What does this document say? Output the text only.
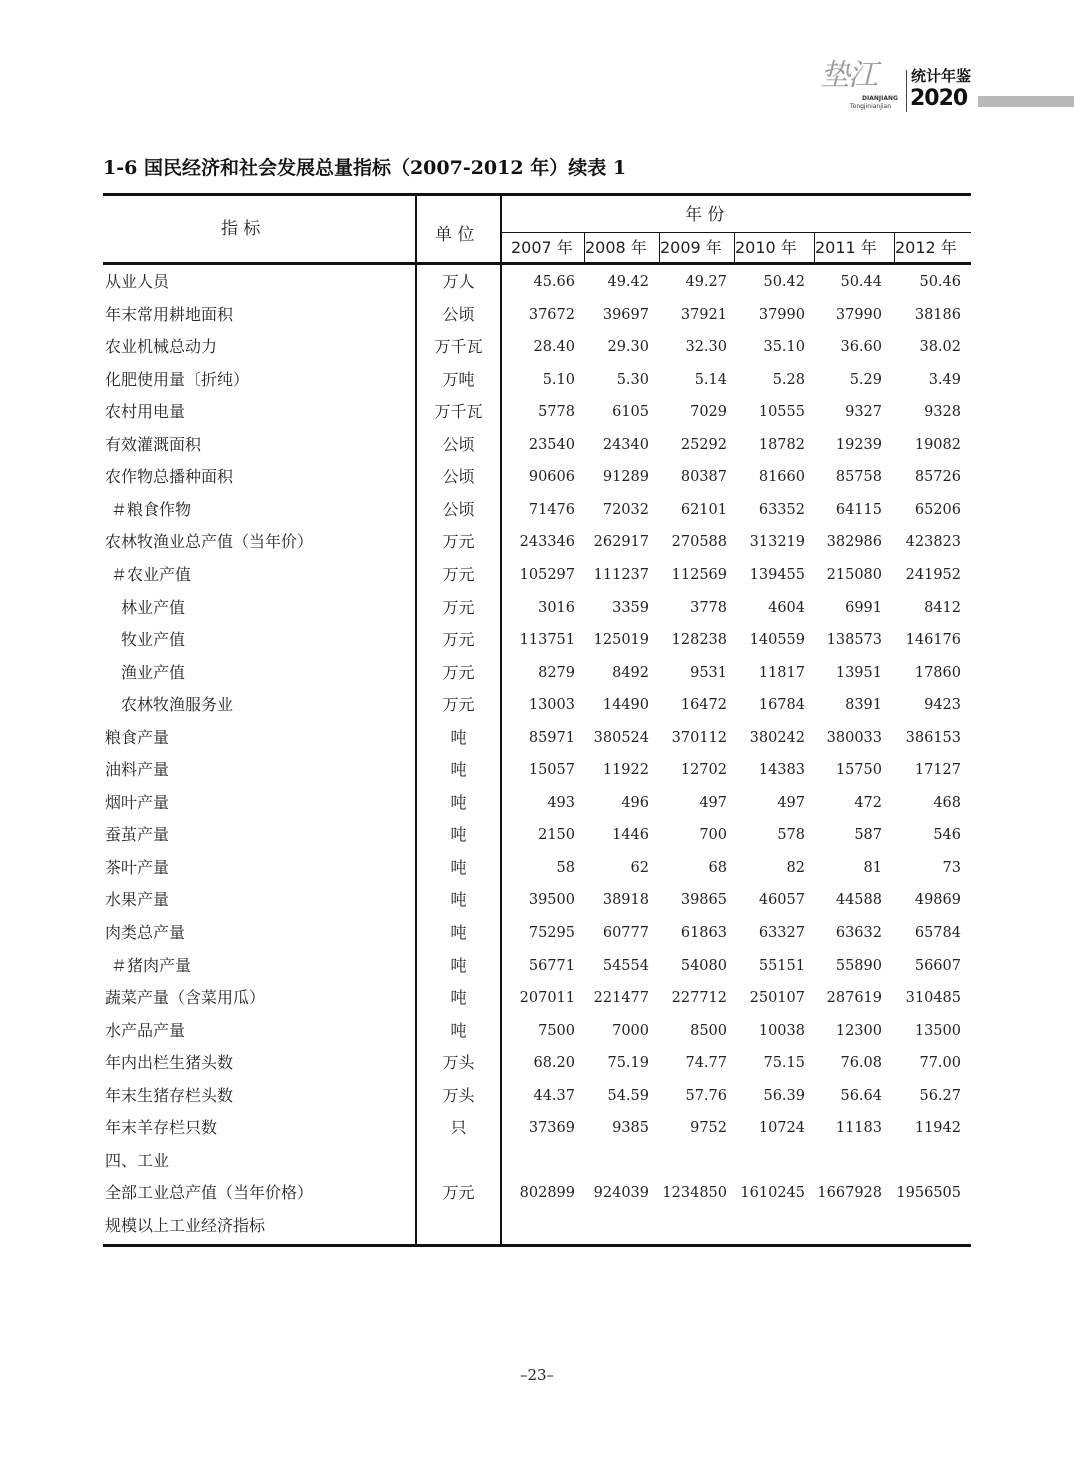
垫江
DIANJIANG
Tongjinianjian
统计年鉴
2020
1-6 国民经济和社会发展总量指标（2007-2012 年）续表 1
指 标	单 位
年 份
2007 年 2008 年 2009 年 2010 年 2011 年 2012 年
从业人员	万人	45.66	49.42	49.27	50.42	50.44	50.46
年末常用耕地面积	公顷	37672	39697	37921	37990	37990	38186
农业机械总动力	万千瓦	28.40	29.30	32.30	35.10	36.60	38.02
化肥使用量〔折纯）	万吨	5.10	5.30	5.14	5.28	5.29	3.49
农村用电量	万千瓦	5778	6105	7029	10555	9327	9328
有效灌溉面积	公顷	23540	24340	25292	18782	19239	19082
农作物总播种面积	公顷	90606	91289	80387	81660	85758	85726
＃粮食作物	公顷	71476	72032	62101	63352	64115	65206
农林牧渔业总产值（当年价）	万元	243346	262917	270588	313219	382986	423823
＃农业产值	万元	105297	111237	112569	139455	215080	241952
林业产值	万元	3016	3359	3778	4604	6991	8412
牧业产值	万元	113751	125019	128238	140559	138573	146176
渔业产值	万元	8279	8492	9531	11817	13951	17860
农林牧渔服务业	万元	13003	14490	16472	16784	8391	9423
粮食产量	吨	85971	380524	370112	380242	380033	386153
油料产量	吨	15057	11922	12702	14383	15750	17127
烟叶产量	吨	493	496	497	497	472	468
蚕茧产量	吨	2150	1446	700	578	587	546
茶叶产量	吨	58	62	68	82	81	73
水果产量	吨	39500	38918	39865	46057	44588	49869
肉类总产量	吨	75295	60777	61863	63327	63632	65784
＃猪肉产量	吨	56771	54554	54080	55151	55890	56607
蔬菜产量（含菜用瓜）	吨	207011	221477	227712	250107	287619	310485
水产品产量	吨	7500	7000	8500	10038	12300	13500
年内出栏生猪头数	万头	68.20	75.19	74.77	75.15	76.08	77.00
年末生猪存栏头数	万头	44.37	54.59	57.76	56.39	56.64	56.27
年末羊存栏只数	只	37369	9385	9752	10724	11183	11942
四、工业
全部工业总产值（当年价格）	万元	802899	924039 1234850 1610245 1667928 1956505
规模以上工业经济指标
–23–
